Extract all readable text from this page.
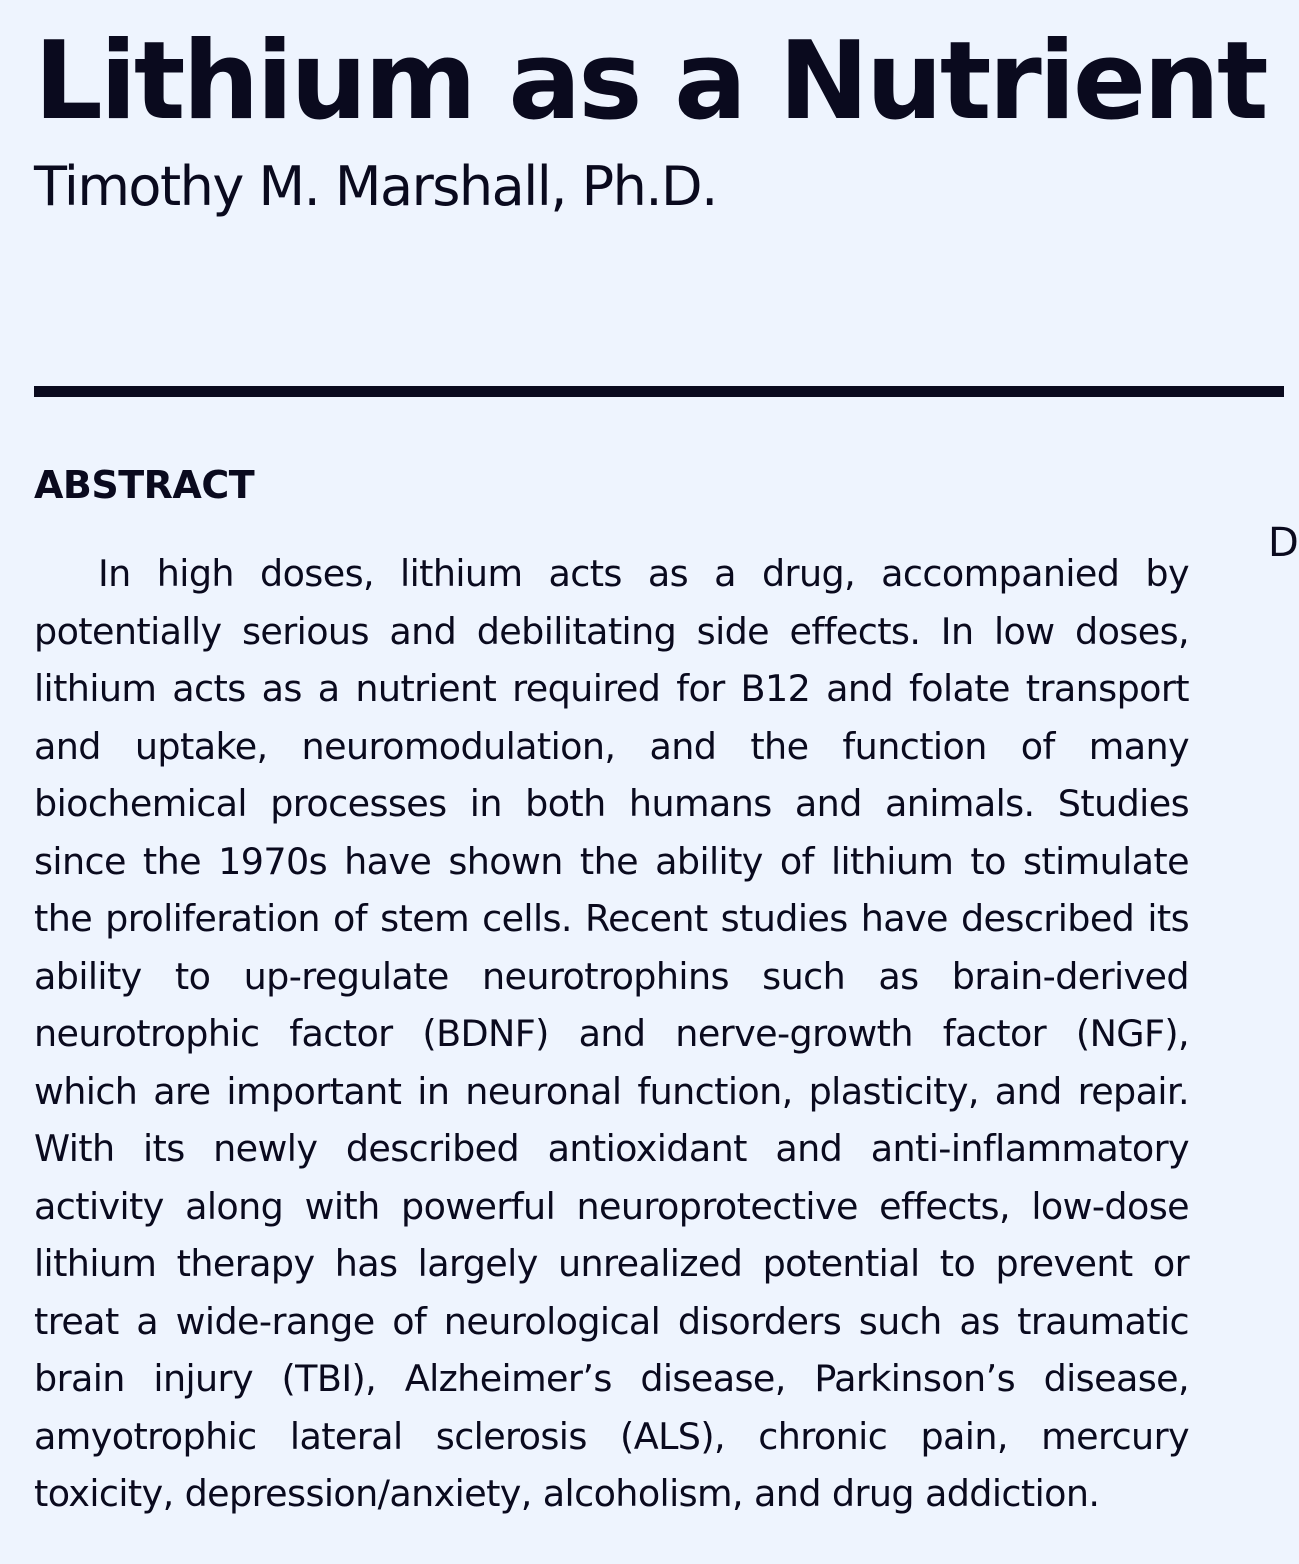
Lithium as a Nutrient
Timothy M. Marshall, Ph.D.
ABSTRACT
D

In high doses, lithium acts as a drug, accompanied by potentially serious and debilitating side effects. In low doses, lithium acts as a nutrient required for B12 and folate transport and uptake, neuromodulation, and the function of many biochemical processes in both humans and animals. Studies since the 1970s have shown the ability of lithium to stimulate the proliferation of stem cells. Recent studies have described its ability to up-regulate neurotrophins such as brain-derived neurotrophic factor (BDNF) and nerve-growth factor (NGF), which are important in neuronal function, plasticity, and repair. With its newly described antioxidant and anti-inflammatory activity along with powerful neuroprotective effects, low-dose lithium therapy has largely unrealized potential to prevent or treat a wide-range of neurological disorders such as traumatic brain injury (TBI), Alzheimer’s disease, Parkinson’s disease, amyotrophic lateral sclerosis (ALS), chronic pain, mercury toxicity, depression/anxiety, alcoholism, and drug addiction.
